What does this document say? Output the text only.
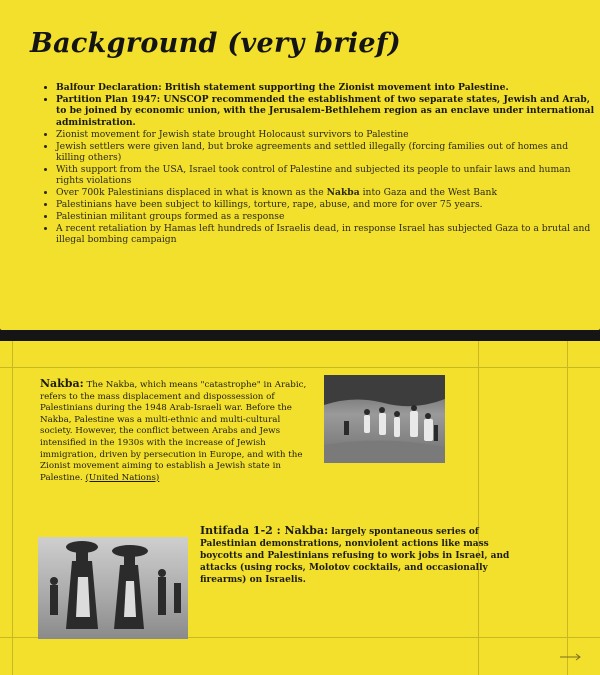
Background (very brief)
• Balfour Declaration: British statement supporting the Zionist movement into Palestine.
• Partition Plan 1947: UNSCOP recommended the establishment of two separate states, Jewish and Arab, to be joined by economic union, with the Jerusalem-Bethlehem region as an enclave under international administration.
• Zionist movement for Jewish state brought Holocaust survivors to Palestine
• Jewish settlers were given land, but broke agreements and settled illegally (forcing families out of homes and killing others)
• With support from the USA, Israel took control of Palestine and subjected its people to unfair laws and human rights violations
• Over 700k Palestinians displaced in what is known as the Nakba into Gaza and the West Bank
• Palestinians have been subject to killings, torture, rape, abuse, and more for over 75 years.
• Palestinian militant groups formed as a response
• A recent retaliation by Hamas left hundreds of Israelis dead, in response Israel has subjected Gaza to a brutal and illegal bombing campaign

Nakba: The Nakba, which means "catastrophe" in Arabic, refers to the mass displacement and dispossession of Palestinians during the 1948 Arab-Israeli war. Before the Nakba, Palestine was a multi-ethnic and multi-cultural society. However, the conflict between Arabs and Jews intensified in the 1930s with the increase of Jewish immigration, driven by persecution in Europe, and with the Zionist movement aiming to establish a Jewish state in Palestine. (United Nations)

Intifada 1-2 : Nakba: largely spontaneous series of Palestinian demonstrations, nonviolent actions like mass boycotts and Palestinians refusing to work jobs in Israel, and attacks (using rocks, Molotov cocktails, and occasionally firearms) on Israelis.
